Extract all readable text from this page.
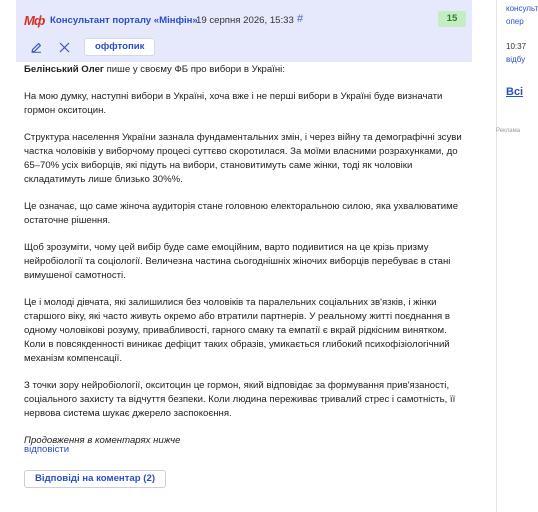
Мф Консультант порталу «Мінфін»
19 серпня 2026, 15:33 #	15
оффтопик

Белінський Олег пише у своєму ФБ про вибори в Україні:

На мою думку, наступні вибори в Україні, хоча вже і не перші вибори в Україні буде визначати гормон окситоцин.

Структура населення України зазнала фундаментальних змін, і через війну та демографічні зсуви частка чоловіків у виборчому процесі суттєво скоротилася. За моїми власними розрахунками, до 65–70% усіх виборців, які підуть на вибори, становитимуть саме жінки, тоді як чоловіки складатимуть лише близько 30%%.

Це означає, що саме жіноча аудиторія стане головною електоральною силою, яка ухвалюватиме остаточне рішення.

Щоб зрозуміти, чому цей вибір буде саме емоційним, варто подивитися на це крізь призму нейробіології та соціології. Величезна частина сьогоднішніх жіночих виборців перебуває в стані вимушеної самотності.

Це і молоді дівчата, які залишилися без чоловіків та паралельних соціальних зв'язків, і жінки старшого віку, які часто живуть окремо або втратили партнерів. У реальному житті поєднання в одному чоловікові розуму, привабливості, гарного смаку та емпатії є вкрай рідкісним винятком.
Коли в повсякденності виникає дефіцит таких образів, умикається глибокий психофізіологічний механізм компенсації.

З точки зору нейробіології, окситоцин це гормон, який відповідає за формування прив'язаності, соціального захисту та відчуття безпеки. Коли людина переживає тривалий стрес і самотність, її нервова система шукає джерело заспокоєння.

Продовження в коментарях нижче

відповісти
Відповіді на коментар (2)
консульт
опер
10:37
відбу
Всі
Реклама
